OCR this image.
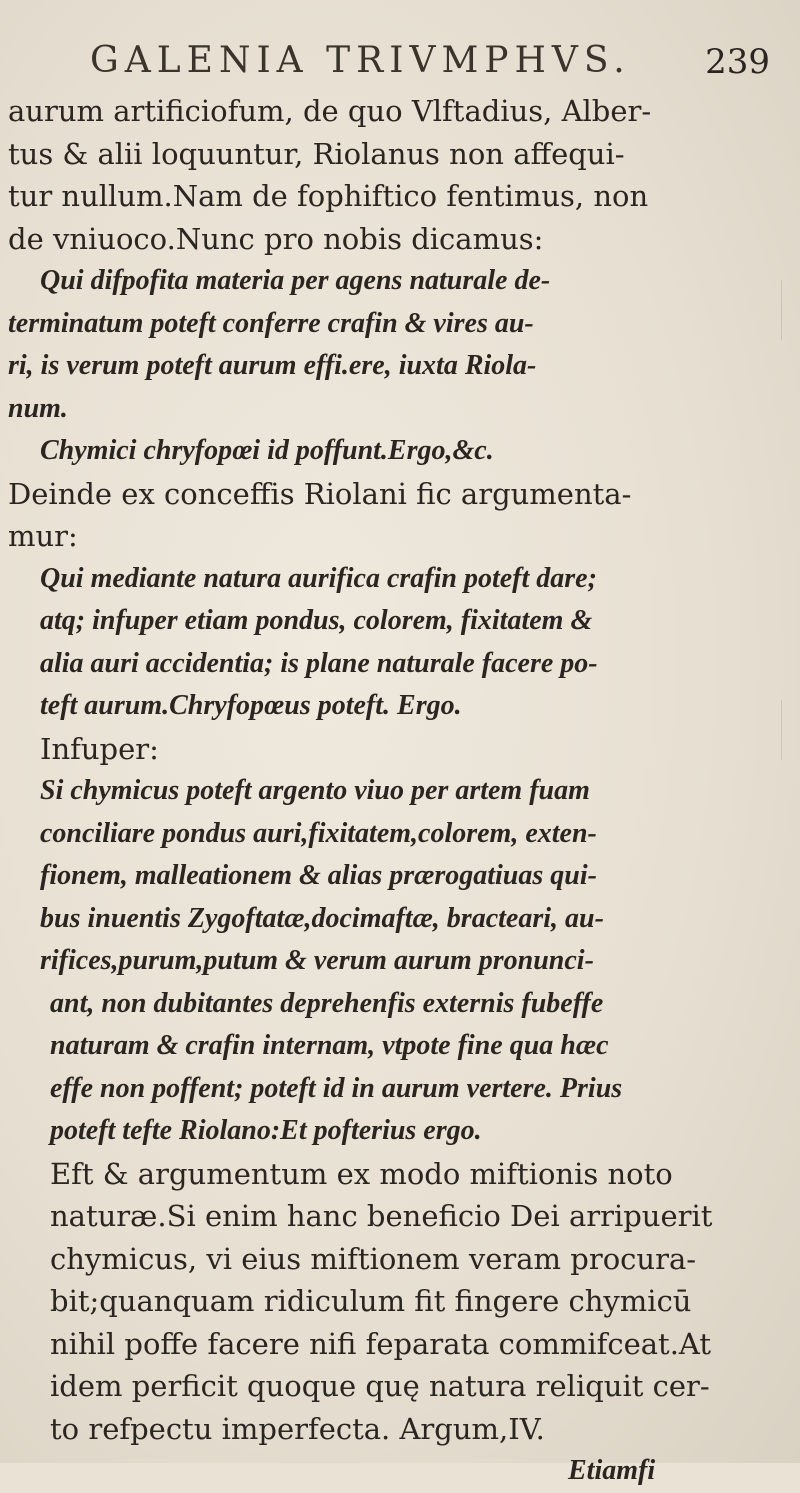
GALENIA TRIVMPHVS. 239
aurum artificiofum, de quo Vlftadius, Alber-
tus & alii loquuntur, Riolanus non affequi-
tur nullum.Nam de fophiftico fentimus, non
de vniuoco.Nunc pro nobis dicamus:
Qui difpofita materia per agens naturale de-
terminatum poteft conferre crafin & vires au-
ri, is verum poteft aurum effi.ere, iuxta Riola-
num.
Chymici chryfopœi id poffunt.Ergo,&c.
Deinde ex conceffis Riolani fic argumenta-
mur:
Qui mediante natura aurifica crafin poteft dare;
atq; infuper etiam pondus, colorem, fixitatem &
alia auri accidentia; is plane naturale facere po-
teft aurum.Chryfopœus poteft. Ergo.
Infuper:
Si chymicus poteft argento viuo per artem fuam
conciliare pondus auri,fixitatem,colorem, exten-
fionem, malleationem & alias prærogatiuas qui-
bus inuentis Zygoftatæ,docimaftæ, bracteari, au-
rifices,purum,putum & verum aurum pronunci-
ant, non dubitantes deprehenfis externis fubeffe
naturam & crafin internam, vtpote fine qua hæc
effe non poffent; poteft id in aurum vertere. Prius
poteft tefte Riolano:Et pofterius ergo.
Eft & argumentum ex modo miftionis noto
naturæ.Si enim hanc beneficio Dei arripuerit
chymicus, vi eius miftionem veram procura-
bit;quanquam ridiculum fit fingere chymicū
nihil poffe facere nifi feparata commifceat.At
idem perficit quoque quę natura reliquit cer-
to refpectu imperfecta. Argum,IV.
Etiamfi
